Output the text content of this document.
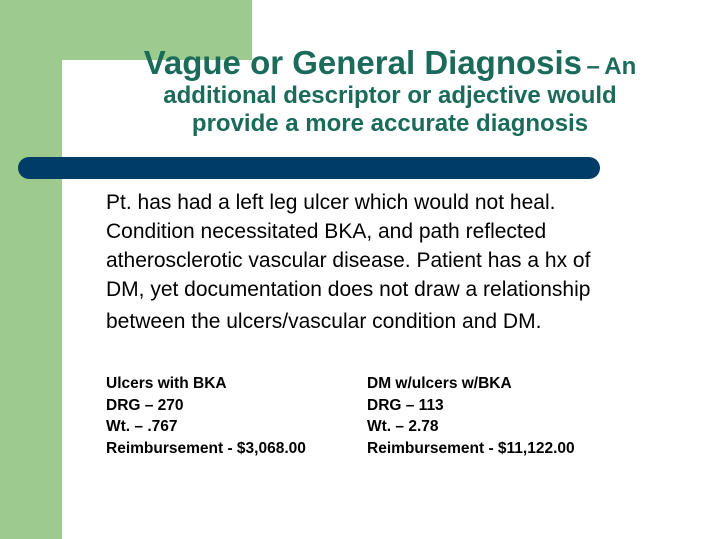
Vague or General Diagnosis – An
additional descriptor or adjective would
provide a more accurate diagnosis
Pt. has had a left leg ulcer which would not heal.
Condition necessitated BKA, and path reflected
atherosclerotic vascular disease. Patient has a hx of
DM, yet documentation does not draw a relationship
between the ulcers/vascular condition and DM.
Ulcers with BKA
DRG – 270
Wt. – .767
Reimbursement - $3,068.00
DM w/ulcers w/BKA
DRG – 113
Wt. – 2.78
Reimbursement - $11,122.00
